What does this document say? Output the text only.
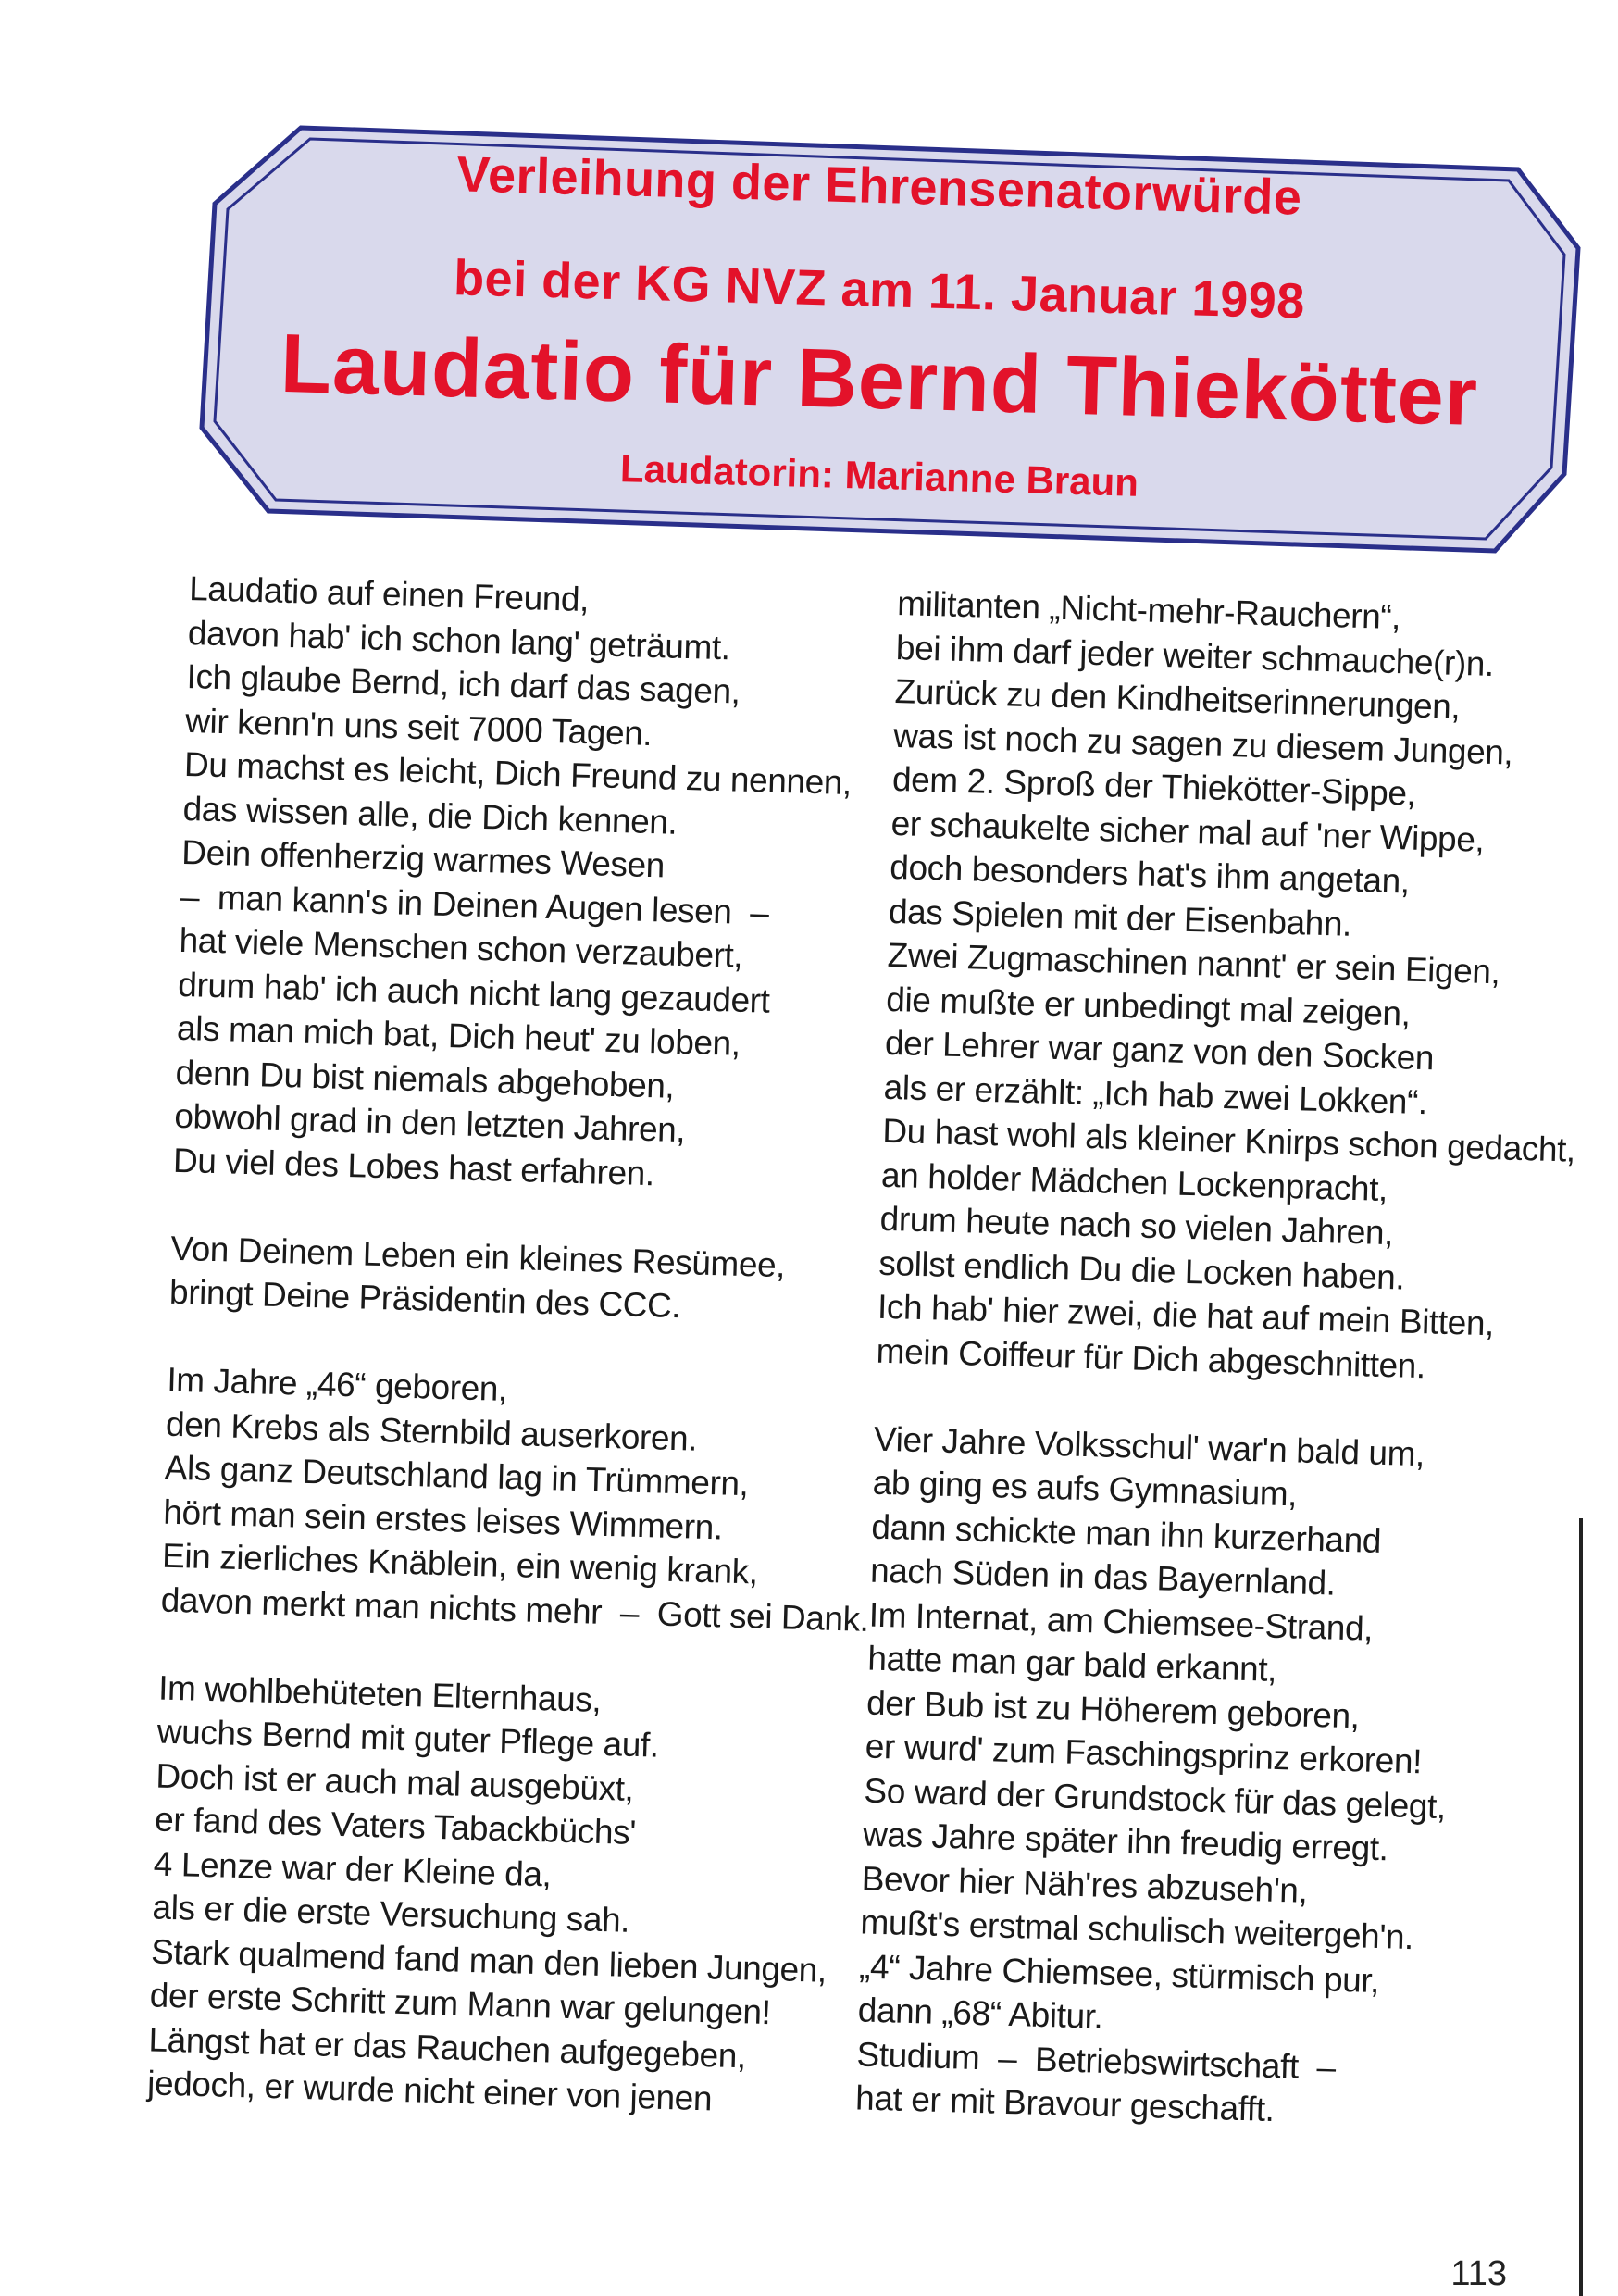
Verleihung der Ehrensenatorwürde
bei der KG NVZ am 11. Januar 1998
Laudatio für Bernd Thiekötter
Laudatorin: Marianne Braun
Laudatio auf einen Freund,
davon hab' ich schon lang' geträumt.
Ich glaube Bernd, ich darf das sagen,
wir kenn'n uns seit 7000 Tagen.
Du machst es leicht, Dich Freund zu nennen,
das wissen alle, die Dich kennen.
Dein offenherzig warmes Wesen
–  man kann's in Deinen Augen lesen  –
hat viele Menschen schon verzaubert,
drum hab' ich auch nicht lang gezaudert
als man mich bat, Dich heut' zu loben,
denn Du bist niemals abgehoben,
obwohl grad in den letzten Jahren,
Du viel des Lobes hast erfahren.
Von Deinem Leben ein kleines Resümee,
bringt Deine Präsidentin des CCC.
Im Jahre „46“ geboren,
den Krebs als Sternbild auserkoren.
Als ganz Deutschland lag in Trümmern,
hört man sein erstes leises Wimmern.
Ein zierliches Knäblein, ein wenig krank,
davon merkt man nichts mehr  –  Gott sei Dank.
Im wohlbehüteten Elternhaus,
wuchs Bernd mit guter Pflege auf.
Doch ist er auch mal ausgebüxt,
er fand des Vaters Tabackbüchs'
4 Lenze war der Kleine da,
als er die erste Versuchung sah.
Stark qualmend fand man den lieben Jungen,
der erste Schritt zum Mann war gelungen!
Längst hat er das Rauchen aufgegeben,
jedoch, er wurde nicht einer von jenen
militanten „Nicht-mehr-Rauchern“,
bei ihm darf jeder weiter schmauche(r)n.
Zurück zu den Kindheitserinnerungen,
was ist noch zu sagen zu diesem Jungen,
dem 2. Sproß der Thiekötter-Sippe,
er schaukelte sicher mal auf 'ner Wippe,
doch besonders hat's ihm angetan,
das Spielen mit der Eisenbahn.
Zwei Zugmaschinen nannt' er sein Eigen,
die mußte er unbedingt mal zeigen,
der Lehrer war ganz von den Socken
als er erzählt: „Ich hab zwei Lokken“.
Du hast wohl als kleiner Knirps schon gedacht,
an holder Mädchen Lockenpracht,
drum heute nach so vielen Jahren,
sollst endlich Du die Locken haben.
Ich hab' hier zwei, die hat auf mein Bitten,
mein Coiffeur für Dich abgeschnitten.
Vier Jahre Volksschul' war'n bald um,
ab ging es aufs Gymnasium,
dann schickte man ihn kurzerhand
nach Süden in das Bayernland.
Im Internat, am Chiemsee-Strand,
hatte man gar bald erkannt,
der Bub ist zu Höherem geboren,
er wurd' zum Faschingsprinz erkoren!
So ward der Grundstock für das gelegt,
was Jahre später ihn freudig erregt.
Bevor hier Näh'res abzuseh'n,
mußt's erstmal schulisch weitergeh'n.
„4“ Jahre Chiemsee, stürmisch pur,
dann „68“ Abitur.
Studium  –  Betriebswirtschaft  –
hat er mit Bravour geschafft.
113
